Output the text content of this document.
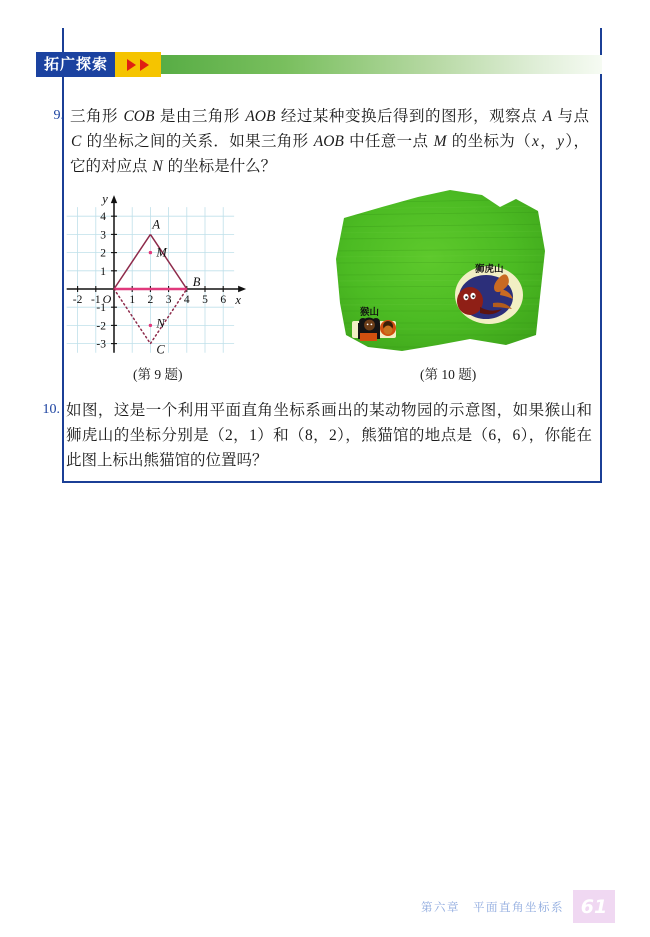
拓广探索
9. 三角形 COB 是由三角形 AOB 经过某种变换后得到的图形，观察点 A 与点 C 的坐标之间的关系．如果三角形 AOB 中任意一点 M 的坐标为（x，y），它的对应点 N 的坐标是什么？
-2 -1 1 2 3 4 5 6
4
3
2
1
-1
-2
-3
O	x
y
A
B
C
M
N
(第 9 题)
狮虎山
猴山
(第 10 题)
10. 如图，这是一个利用平面直角坐标系画出的某动物园的示意图，如果猴山和狮虎山的坐标分别是（2，1）和（8，2），熊猫馆的地点是（6，6），你能在此图上标出熊猫馆的位置吗？
第六章　平面直角坐标系 61
